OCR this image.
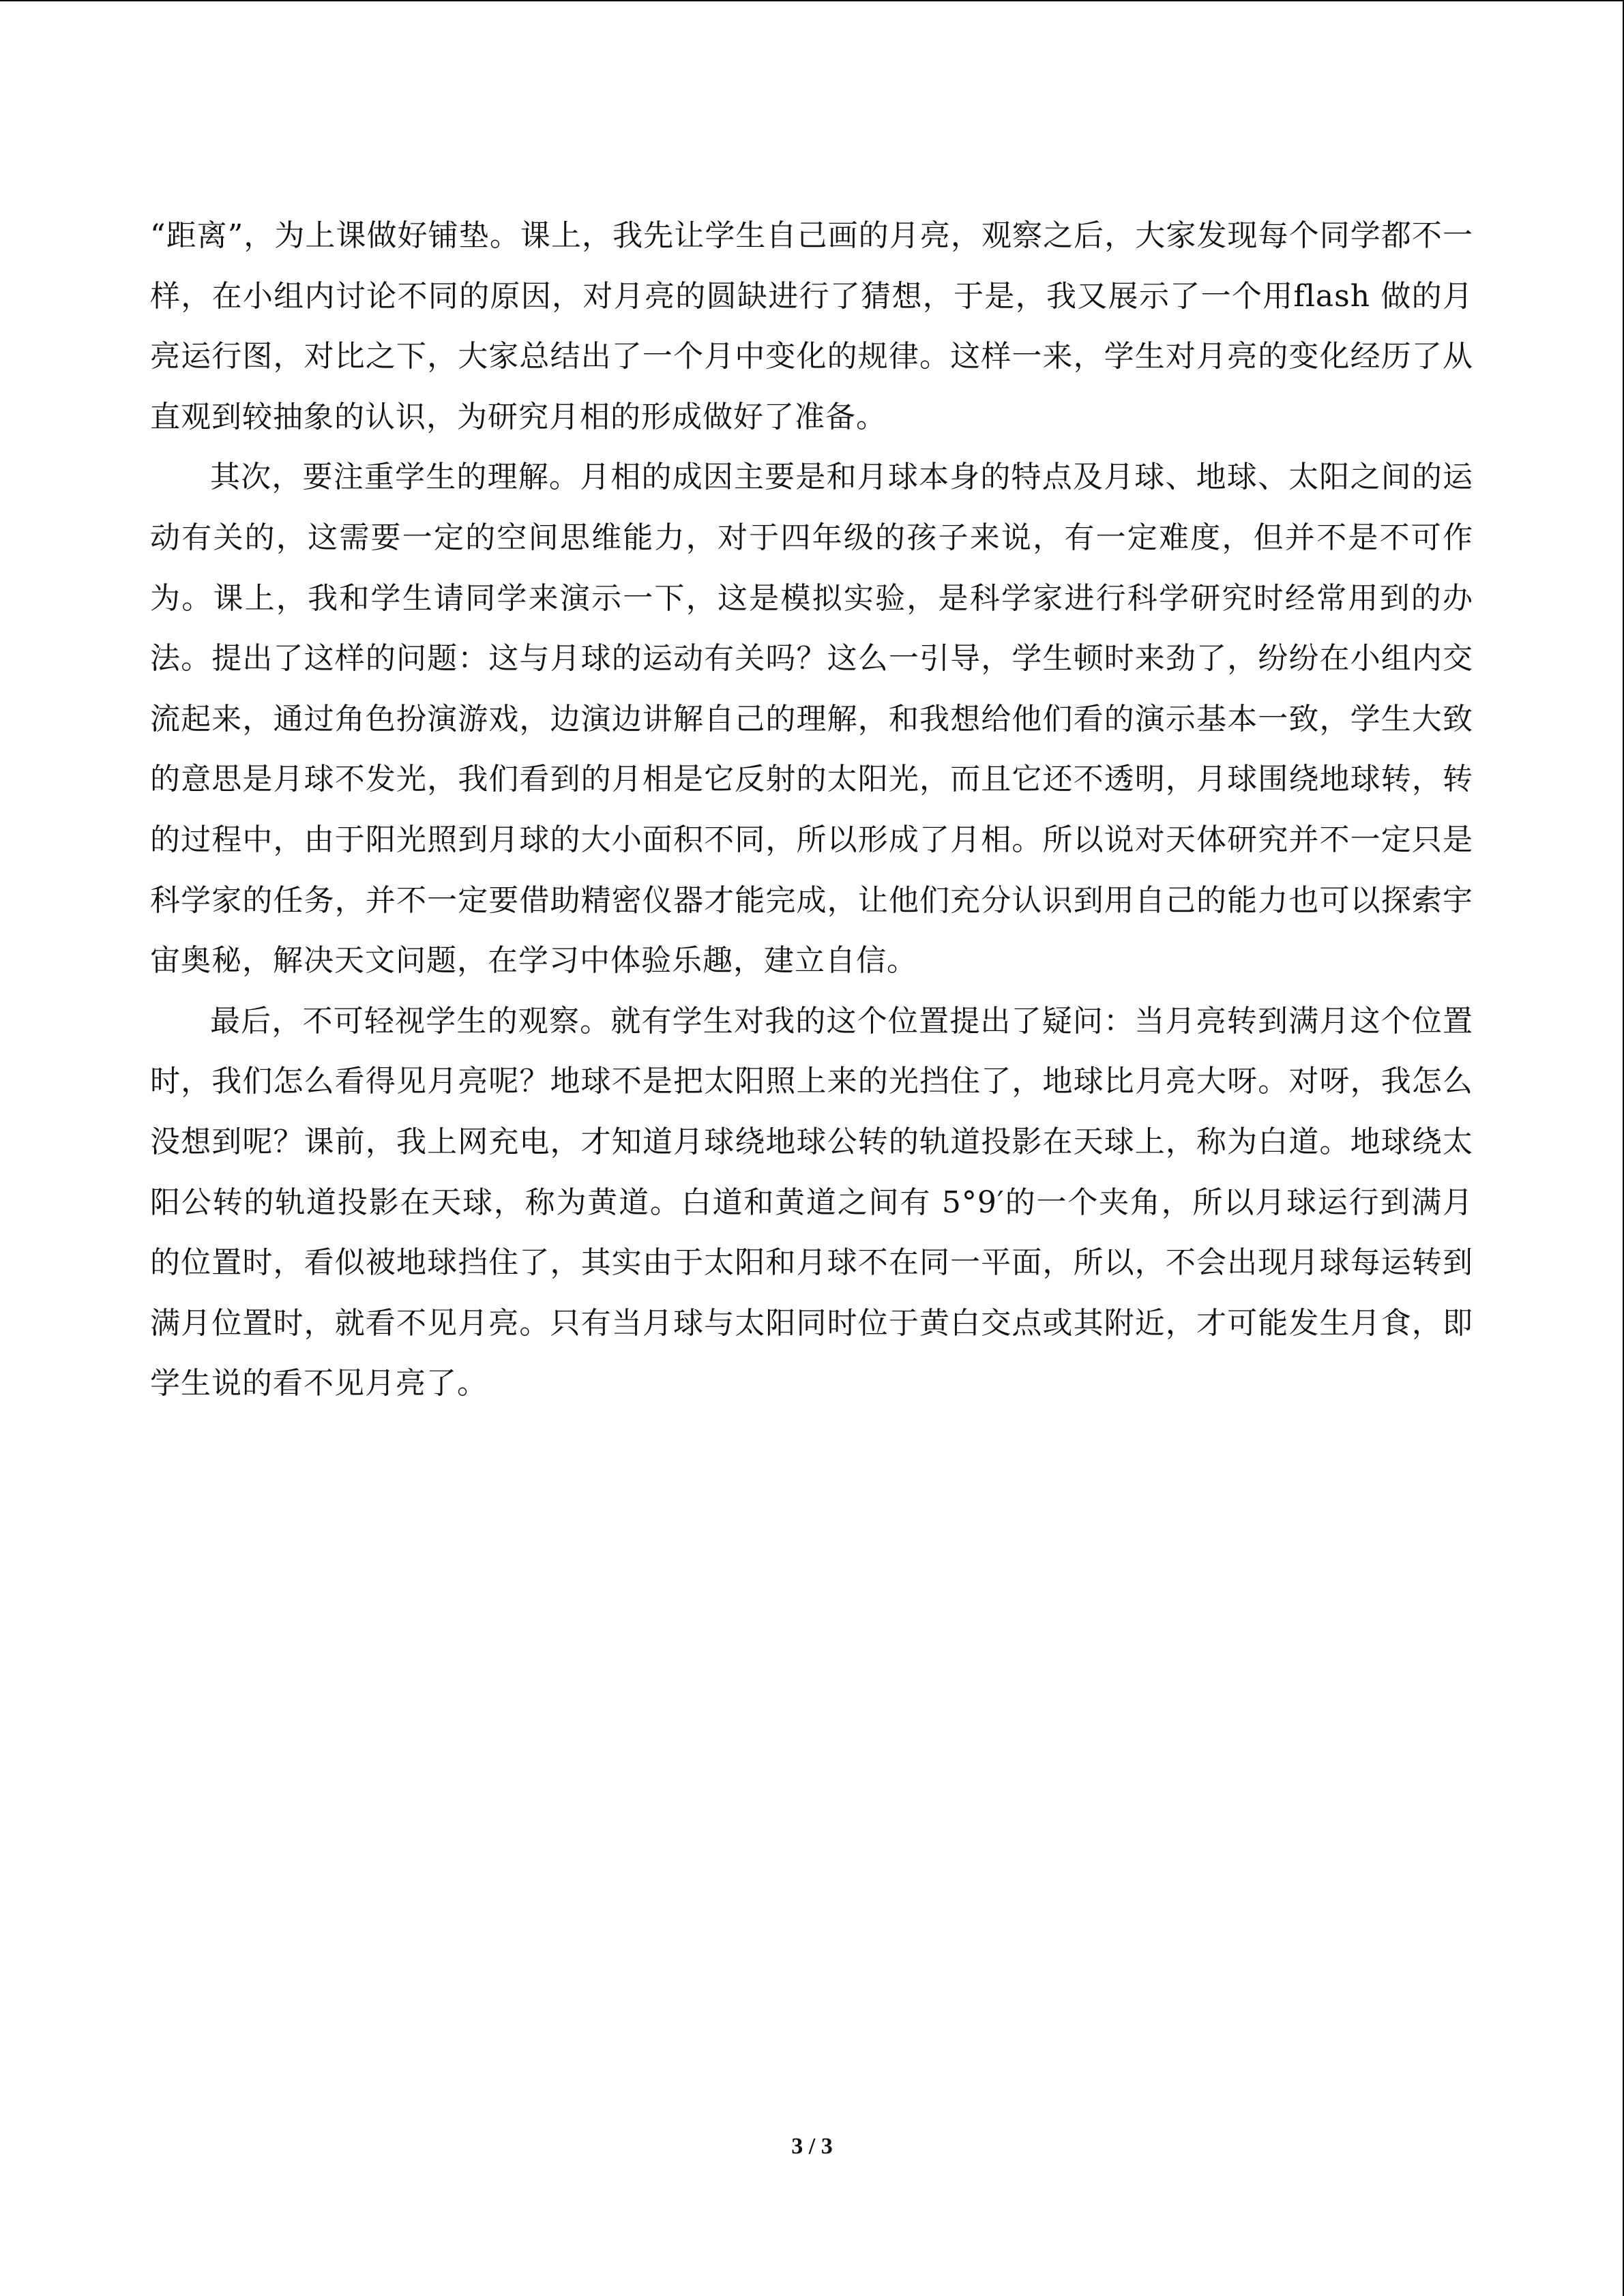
“距离”，为上课做好铺垫。课上，我先让学生自己画的月亮，观察之后，大家发现每个同学都不一样，在小组内讨论不同的原因，对月亮的圆缺进行了猜想，于是，我又展示了一个用flash 做的月亮运行图，对比之下，大家总结出了一个月中变化的规律。这样一来，学生对月亮的变化经历了从直观到较抽象的认识，为研究月相的形成做好了准备。

其次，要注重学生的理解。月相的成因主要是和月球本身的特点及月球、地球、太阳之间的运动有关的，这需要一定的空间思维能力，对于四年级的孩子来说，有一定难度，但并不是不可作为。课上，我和学生请同学来演示一下，这是模拟实验，是科学家进行科学研究时经常用到的办法。提出了这样的问题：这与月球的运动有关吗？这么一引导，学生顿时来劲了，纷纷在小组内交流起来，通过角色扮演游戏，边演边讲解自己的理解，和我想给他们看的演示基本一致，学生大致的意思是月球不发光，我们看到的月相是它反射的太阳光，而且它还不透明，月球围绕地球转，转的过程中，由于阳光照到月球的大小面积不同，所以形成了月相。所以说对天体研究并不一定只是科学家的任务，并不一定要借助精密仪器才能完成，让他们充分认识到用自己的能力也可以探索宇宙奥秘，解决天文问题，在学习中体验乐趣，建立自信。

最后，不可轻视学生的观察。就有学生对我的这个位置提出了疑问：当月亮转到满月这个位置时，我们怎么看得见月亮呢？地球不是把太阳照上来的光挡住了，地球比月亮大呀。对呀，我怎么没想到呢？课前，我上网充电，才知道月球绕地球公转的轨道投影在天球上，称为白道。地球绕太阳公转的轨道投影在天球，称为黄道。白道和黄道之间有 5°9′的一个夹角，所以月球运行到满月的位置时，看似被地球挡住了，其实由于太阳和月球不在同一平面，所以，不会出现月球每运转到满月位置时，就看不见月亮。只有当月球与太阳同时位于黄白交点或其附近，才可能发生月食，即学生说的看不见月亮了。

3 / 3
